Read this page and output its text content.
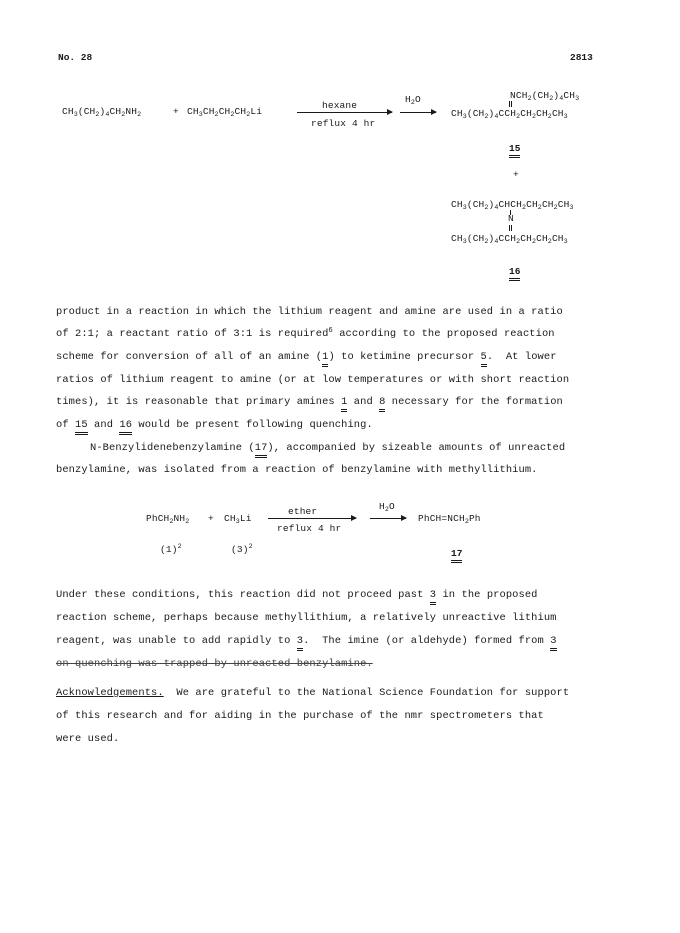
No. 28	2813
$CH_3(CH_2)_4CH_2NH_2$	+ $CH_3CH_2CH_2CH_2Li$
hexane
reflux 4 hr
$H_2O$	$NCH_2(CH_2)_4CH_3$
$CH_3(CH_2)_4CCH_2CH_2CH_2CH_3$
15
+
$CH_3(CH_2)_4CHCH_2CH_2CH_2CH_3$
N
$CH_3(CH_2)_4CCH_2CH_2CH_2CH_3$
16
product in a reaction in which the lithium reagent and amine are used in a ratio
of 2:1; a reactant ratio of 3:1 is required$^6$ according to the proposed reaction
scheme for conversion of all of an amine (1) to ketimine precursor 5.  At lower
ratios of lithium reagent to amine (or at low temperatures or with short reaction
times), it is reasonable that primary amines 1 and 8 necessary for the formation
of 15 and 16 would be present following quenching.
N-Benzylidenebenzylamine (17), accompanied by sizeable amounts of unreacted
benzylamine, was isolated from a reaction of benzylamine with methyllithium.
$PhCH_2NH_2 + CH_3Li$
ether
reflux 4 hr
$H_2O$
$PhCH=NCH_2Ph$
$(1)^2$	$(3)^2$
17
Under these conditions, this reaction did not proceed past 3 in the proposed
reaction scheme, perhaps because methyllithium, a relatively unreactive lithium
reagent, was unable to add rapidly to 3.  The imine (or aldehyde) formed from 3
on quenching was trapped by unreacted benzylamine.
Acknowledgements. We are grateful to the National Science Foundation for support
of this research and for aiding in the purchase of the nmr spectrometers that
were used.
